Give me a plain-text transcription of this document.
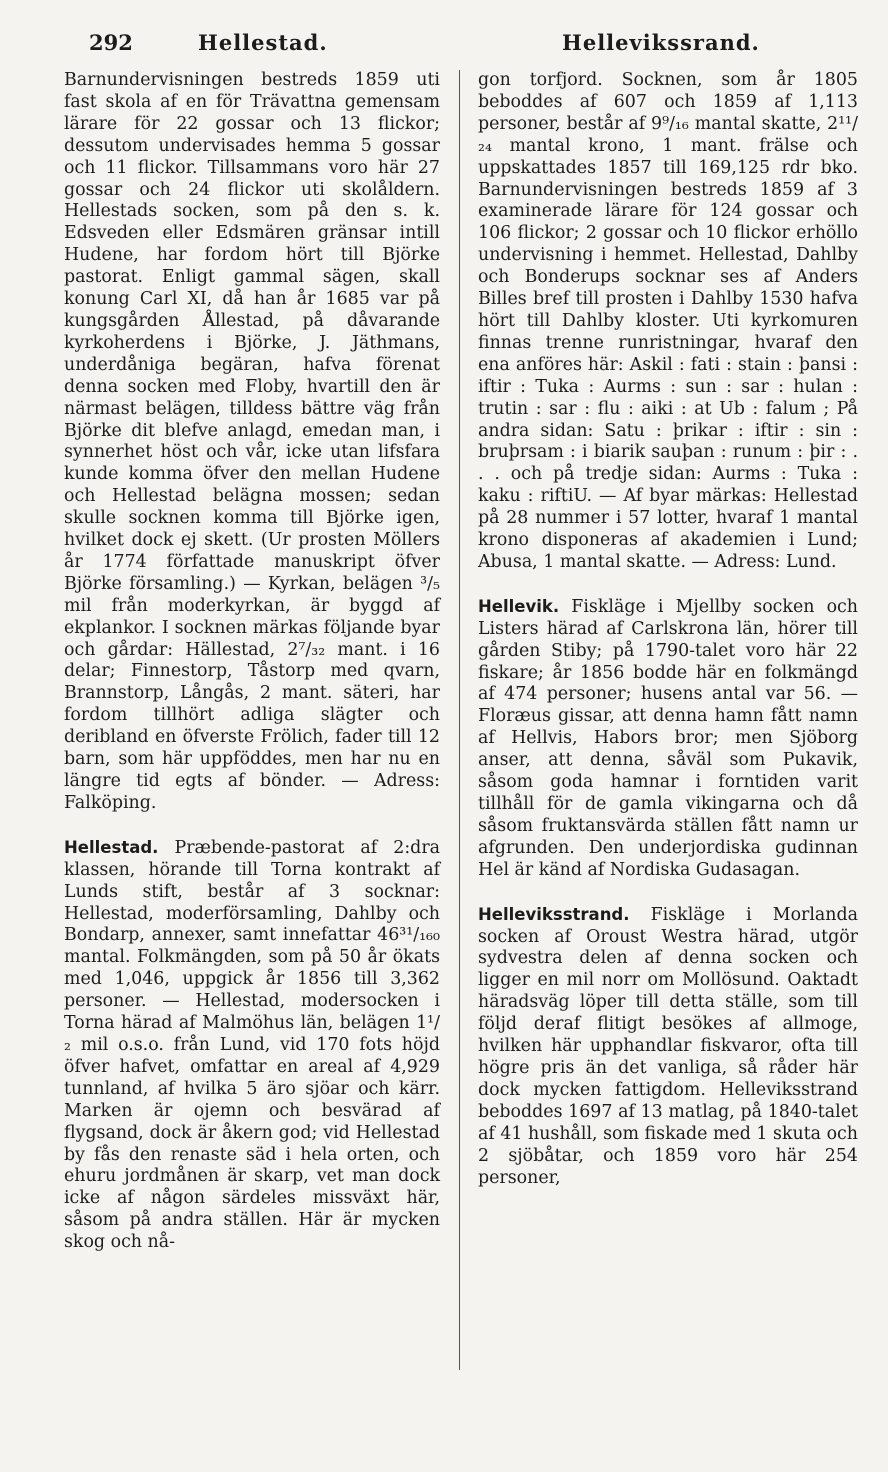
292	Hellestad.	Hellevikssrand.

Barnundervisningen bestreds 1859 uti fast skola af en för Trävattna gemensam lärare för 22 gossar och 13 flickor; dessutom undervisades hemma 5 gossar och 11 flickor. Tillsammans voro här 27 gossar och 24 flickor uti skolåldern. Hellestads socken, som på den s. k. Edsveden eller Edsmären gränsar intill Hudene, har fordom hört till Björke pastorat. Enligt gammal sägen, skall konung Carl XI, då han år 1685 var på kungsgården Ållestad, på dåvarande kyrkoherdens i Björke, J. Jäthmans, underdåniga begäran, hafva förenat denna socken med Floby, hvartill den är närmast belägen, tilldess bättre väg från Björke dit blefve anlagd, emedan man, i synnerhet höst och vår, icke utan lifsfara kunde komma öfver den mellan Hudene och Hellestad belägna mossen; sedan skulle socknen komma till Björke igen, hvilket dock ej skett. (Ur prosten Möllers år 1774 författade manuskript öfver Björke församling.) — Kyrkan, belägen ³/₅ mil från moderkyrkan, är byggd af ekplankor. I socknen märkas följande byar och gårdar: Hällestad, 2⁷/₃₂ mant. i 16 delar; Finnestorp, Tåstorp med qvarn, Brannstorp, Långås, 2 mant. säteri, har fordom tillhört adliga slägter och deribland en öfverste Frölich, fader till 12 barn, som här uppföddes, men har nu en längre tid egts af bönder. — Adress: Falköping.

Hellestad. Præbende-pastorat af 2:dra klassen, hörande till Torna kontrakt af Lunds stift, består af 3 socknar: Hellestad, moderförsamling, Dahlby och Bondarp, annexer, samt innefattar 46³¹/₁₆₀ mantal. Folkmängden, som på 50 år ökats med 1,046, uppgick år 1856 till 3,362 personer. — Hellestad, modersocken i Torna härad af Malmöhus län, belägen 1¹/₂ mil o.s.o. från Lund, vid 170 fots höjd öfver hafvet, omfattar en areal af 4,929 tunnland, af hvilka 5 äro sjöar och kärr. Marken är ojemn och besvärad af flygsand, dock är åkern god; vid Hellestad by fås den renaste säd i hela orten, och ehuru jordmånen är skarp, vet man dock icke af någon särdeles missväxt här, såsom på andra ställen. Här är mycken skog och nå-

gon torfjord. Socknen, som år 1805 beboddes af 607 och 1859 af 1,113 personer, består af 9⁹/₁₆ mantal skatte, 2¹¹/₂₄ mantal krono, 1 mant. frälse och uppskattades 1857 till 169,125 rdr bko. Barnundervisningen bestreds 1859 af 3 examinerade lärare för 124 gossar och 106 flickor; 2 gossar och 10 flickor erhöllo undervisning i hemmet. Hellestad, Dahlby och Bonderups socknar ses af Anders Billes bref till prosten i Dahlby 1530 hafva hört till Dahlby kloster. Uti kyrkomuren finnas trenne runristningar, hvaraf den ena anföres här: Askil : fati : stain : þansi : iftir : Tuka : Aurms : sun : sar : hulan : trutin : sar : flu : aiki : at Ub : falum ; På andra sidan: Satu : þrikar : iftir : sin : bruþrsam : i biarik sauþan : runum : þir : . . . och på tredje sidan: Aurms : Tuka : kaku : riftiU. — Af byar märkas: Hellestad på 28 nummer i 57 lotter, hvaraf 1 mantal krono disponeras af akademien i Lund; Abusa, 1 mantal skatte. — Adress: Lund.

Hellevik. Fiskläge i Mjellby socken och Listers härad af Carlskrona län, hörer till gården Stiby; på 1790-talet voro här 22 fiskare; år 1856 bodde här en folkmängd af 474 personer; husens antal var 56. — Floræus gissar, att denna hamn fått namn af Hellvis, Habors bror; men Sjöborg anser, att denna, såväl som Pukavik, såsom goda hamnar i forntiden varit tillhåll för de gamla vikingarna och då såsom fruktansvärda ställen fått namn ur afgrunden. Den underjordiska gudinnan Hel är känd af Nordiska Gudasagan.

Helleviksstrand. Fiskläge i Morlanda socken af Oroust Westra härad, utgör sydvestra delen af denna socken och ligger en mil norr om Mollösund. Oaktadt häradsväg löper till detta ställe, som till följd deraf flitigt besökes af allmoge, hvilken här upphandlar fiskvaror, ofta till högre pris än det vanliga, så råder här dock mycken fattigdom. Helleviksstrand beboddes 1697 af 13 matlag, på 1840-talet af 41 hushåll, som fiskade med 1 skuta och 2 sjöbåtar, och 1859 voro här 254 personer,
